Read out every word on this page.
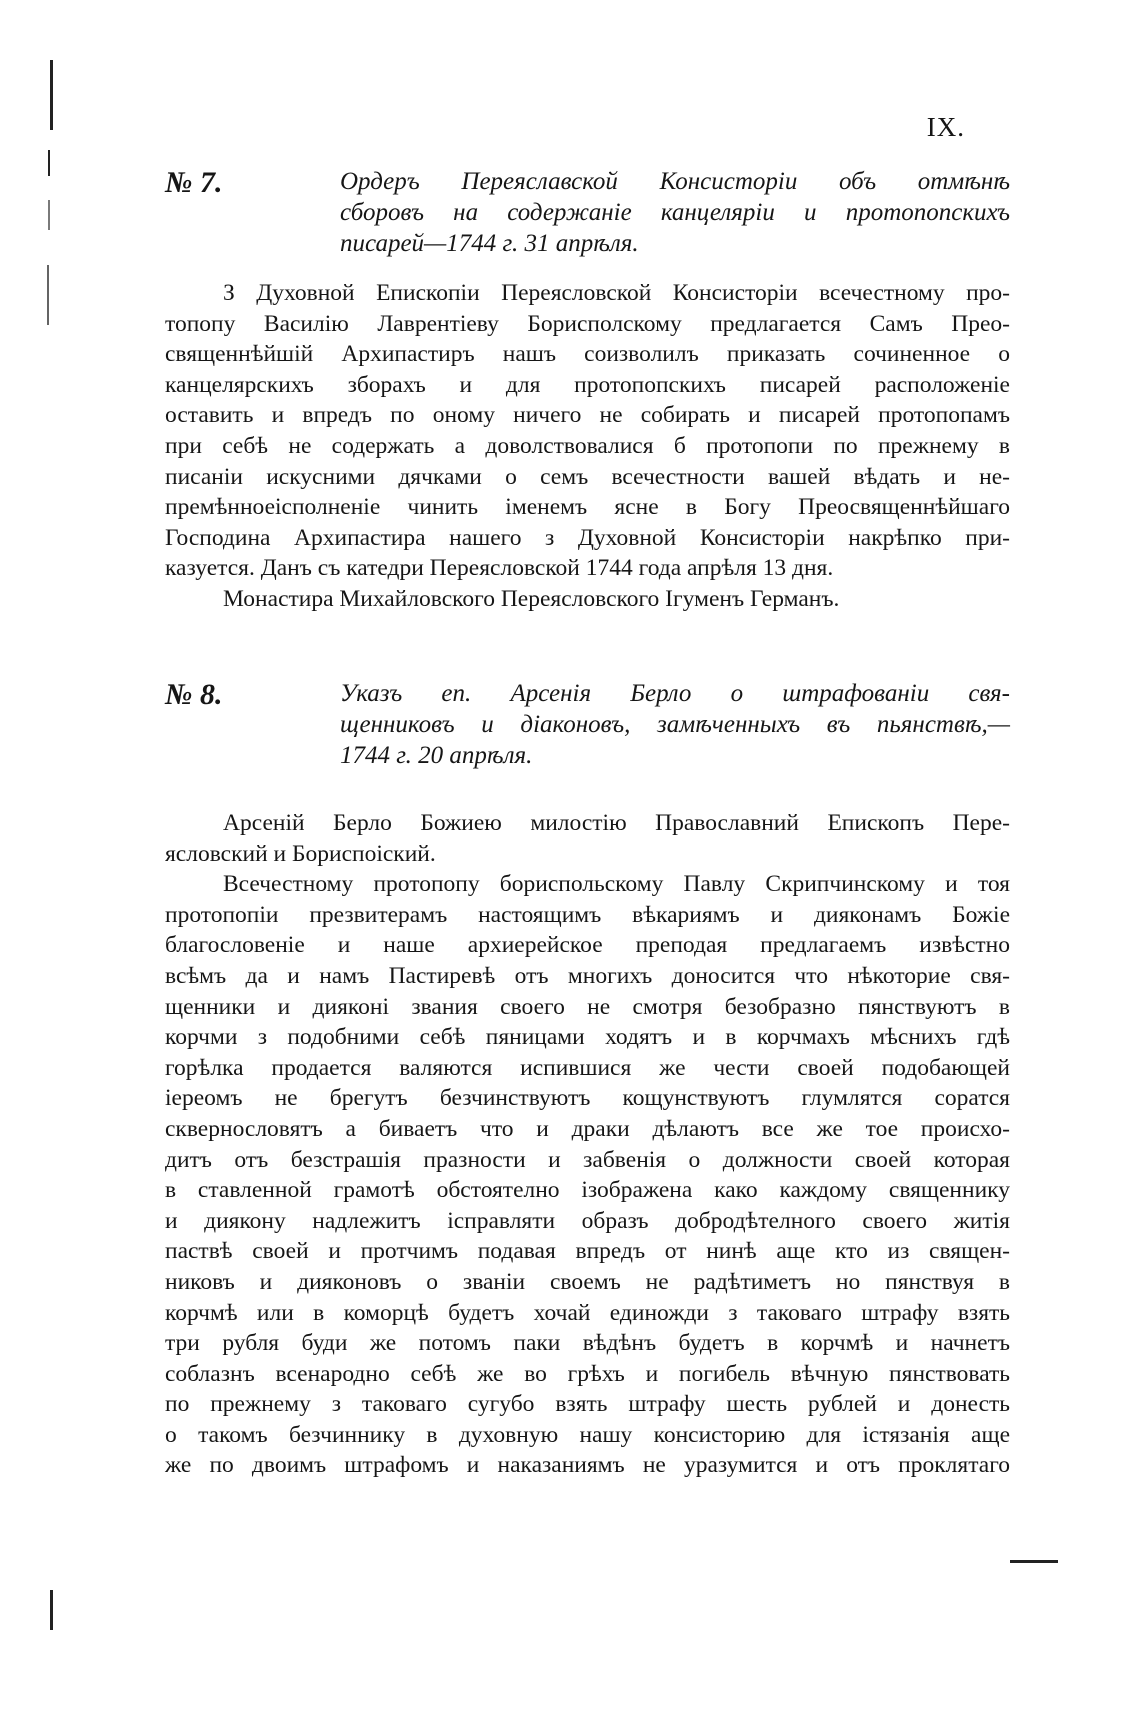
IX.
№ 7.	Ордеръ Переяславской Консисторіи объ отмѣнѣ
сборовъ на содержаніе канцеляріи и протопопскихъ
писарей—1744 г. 31 апрѣля.
З Духовной Епископіи Переясловской Консисторіи всечестному про-
топопу Василію Лаврентіеву Борисполскому предлагается Самъ Прео-
священнѣйшій Архипастиръ нашъ соизволилъ приказать сочиненное о
канцелярскихъ зборахъ и для протопопскихъ писарей расположеніе
оставить и впредъ по оному ничего не собирать и писарей протопопамъ
при себѣ не содержать а доволствовалися б протопопи по прежнему в
писаніи искусними дячками о семъ всечестности вашей вѣдать и не-
премѣнноеісполненіе чинить іменемъ ясне в Богу Преосвященнѣйшаго
Господина Архипастира нашего з Духовной Консисторіи накрѣпко при-
казуется. Данъ съ катедри Переясловской 1744 года апрѣля 13 дня.
Монастира Михайловского Переясловского Ігуменъ Германъ.
№ 8.	Указъ еп. Арсенія Берло о штрафованіи свя-
щенниковъ и діаконовъ, замѣченныхъ въ пьянствѣ,—
1744 г. 20 апрѣля.
Арсеній Берло Божиею милостію Православний Епископъ Пере-
ясловский и Бориспоiский.
Всечестному протопопу бориспольскому Павлу Скрипчинскому и тоя
протопопіи презвитерамъ настоящимъ вѣкариямъ и дияконамъ Божіе
благословеніе и наше архиерейское преподая предлагаемъ извѣстно
всѣмъ да и намъ Пастиревѣ отъ многихъ доносится что нѣкоторие свя-
щенники и дияконі звания своего не смотря безобразно пянствуютъ в
корчми з подобними себѣ пяницами ходятъ и в корчмахъ мѣснихъ гдѣ
горѣлка продается валяются испившися же чести своей подобающей
іереомъ не брегутъ безчинствуютъ кощунствуютъ глумлятся соратся
сквернословятъ а биваетъ что и драки дѣлаютъ все же тое происхо-
дитъ отъ безстрашія празности и забвенія о должности своей которая
в ставленной грамотѣ обстоятелно ізображена како каждому священнику
и дияконy надлежитъ ісправляти образъ добродѣтелного своего житія
паствѣ своей и протчимъ подавая впредъ от нинѣ аще кто из священ-
никовъ и дияконовъ о званіи своемъ не радѣтиметъ но пянствуя в
корчмѣ или в коморцѣ будетъ хочай единожди з таковаго штрафу взять
три рубля буди же потомъ паки вѣдѣнъ будетъ в корчмѣ и начнетъ
соблазнъ всенародно себѣ же во грѣхъ и погибель вѣчную пянствовать
по прежнему з таковаго сугубо взять штрафу шесть рублей и донесть
о такомъ безчиннику в духовную нашу консисторию для істязанія аще
же по двоимъ штрафомъ и наказаниямъ не уразумится и отъ проклятаго
